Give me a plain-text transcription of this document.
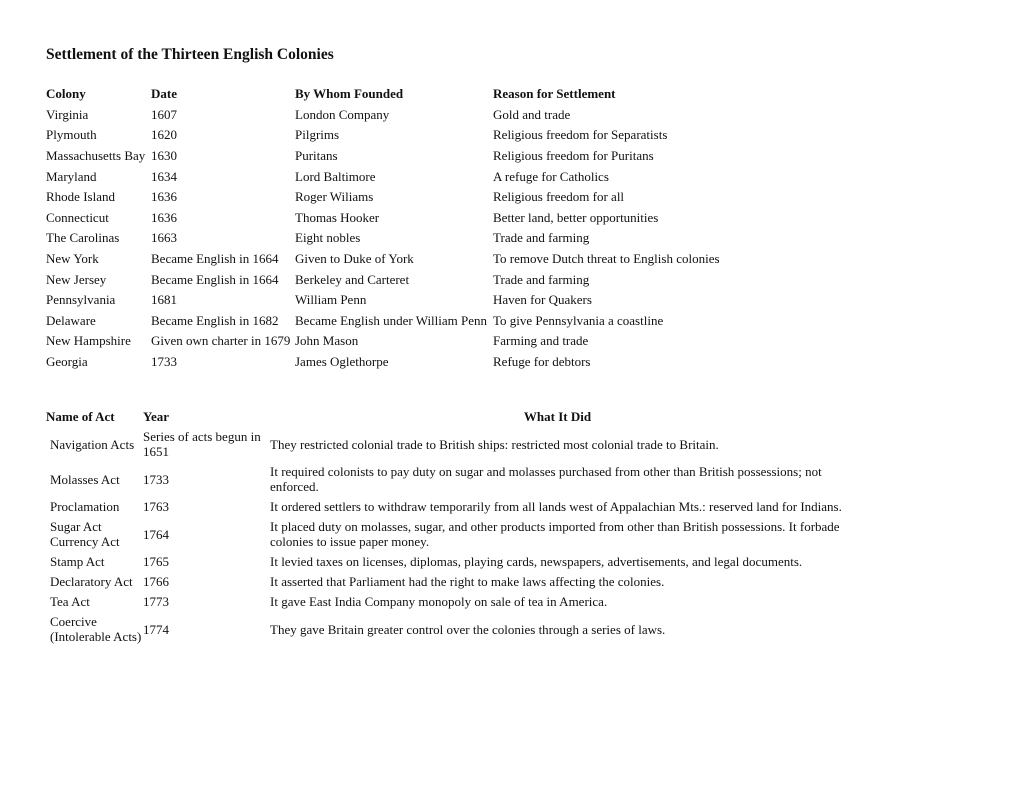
Settlement of the Thirteen English Colonies
Colony	Date	By Whom Founded	Reason for Settlement
Virginia	1607	London Company	Gold and trade
Plymouth	1620	Pilgrims	Religious freedom for Separatists
Massachusetts Bay	1630	Puritans	Religious freedom for Puritans
Maryland	1634	Lord Baltimore	A refuge for Catholics
Rhode Island	1636	Roger Wiliams	Religious freedom for all
Connecticut	1636	Thomas Hooker	Better land, better opportunities
The Carolinas	1663	Eight nobles	Trade and farming
New York	Became English in 1664	Given to Duke of York	To remove Dutch threat to English colonies
New Jersey	Became English in 1664	Berkeley and Carteret	Trade and farming
Pennsylvania	1681	William Penn	Haven for Quakers
Delaware	Became English in 1682	Became English under William Penn	To give Pennsylvania a coastline
New Hampshire	Given own charter in 1679	John Mason	Farming and trade
Georgia	1733	James Oglethorpe	Refuge for debtors
Name of Act	Year	What It Did
Navigation Acts	Series of acts begun in 1651	They restricted colonial trade to British ships: restricted most colonial trade to Britain.
Molasses Act	1733	It required colonists to pay duty on sugar and molasses purchased from other than British possessions; not enforced.
Proclamation	1763	It ordered settlers to withdraw temporarily from all lands west of Appalachian Mts.: reserved land for Indians.
Sugar Act Currency Act	1764	It placed duty on molasses, sugar, and other products imported from other than British possessions. It forbade colonies to issue paper money.
Stamp Act	1765	It levied taxes on licenses, diplomas, playing cards, newspapers, advertisements, and legal documents.
Declaratory Act	1766	It asserted that Parliament had the right to make laws affecting the colonies.
Tea Act	1773	It gave East India Company monopoly on sale of tea in America.
Coercive (Intolerable Acts)	1774	They gave Britain greater control over the colonies through a series of laws.
